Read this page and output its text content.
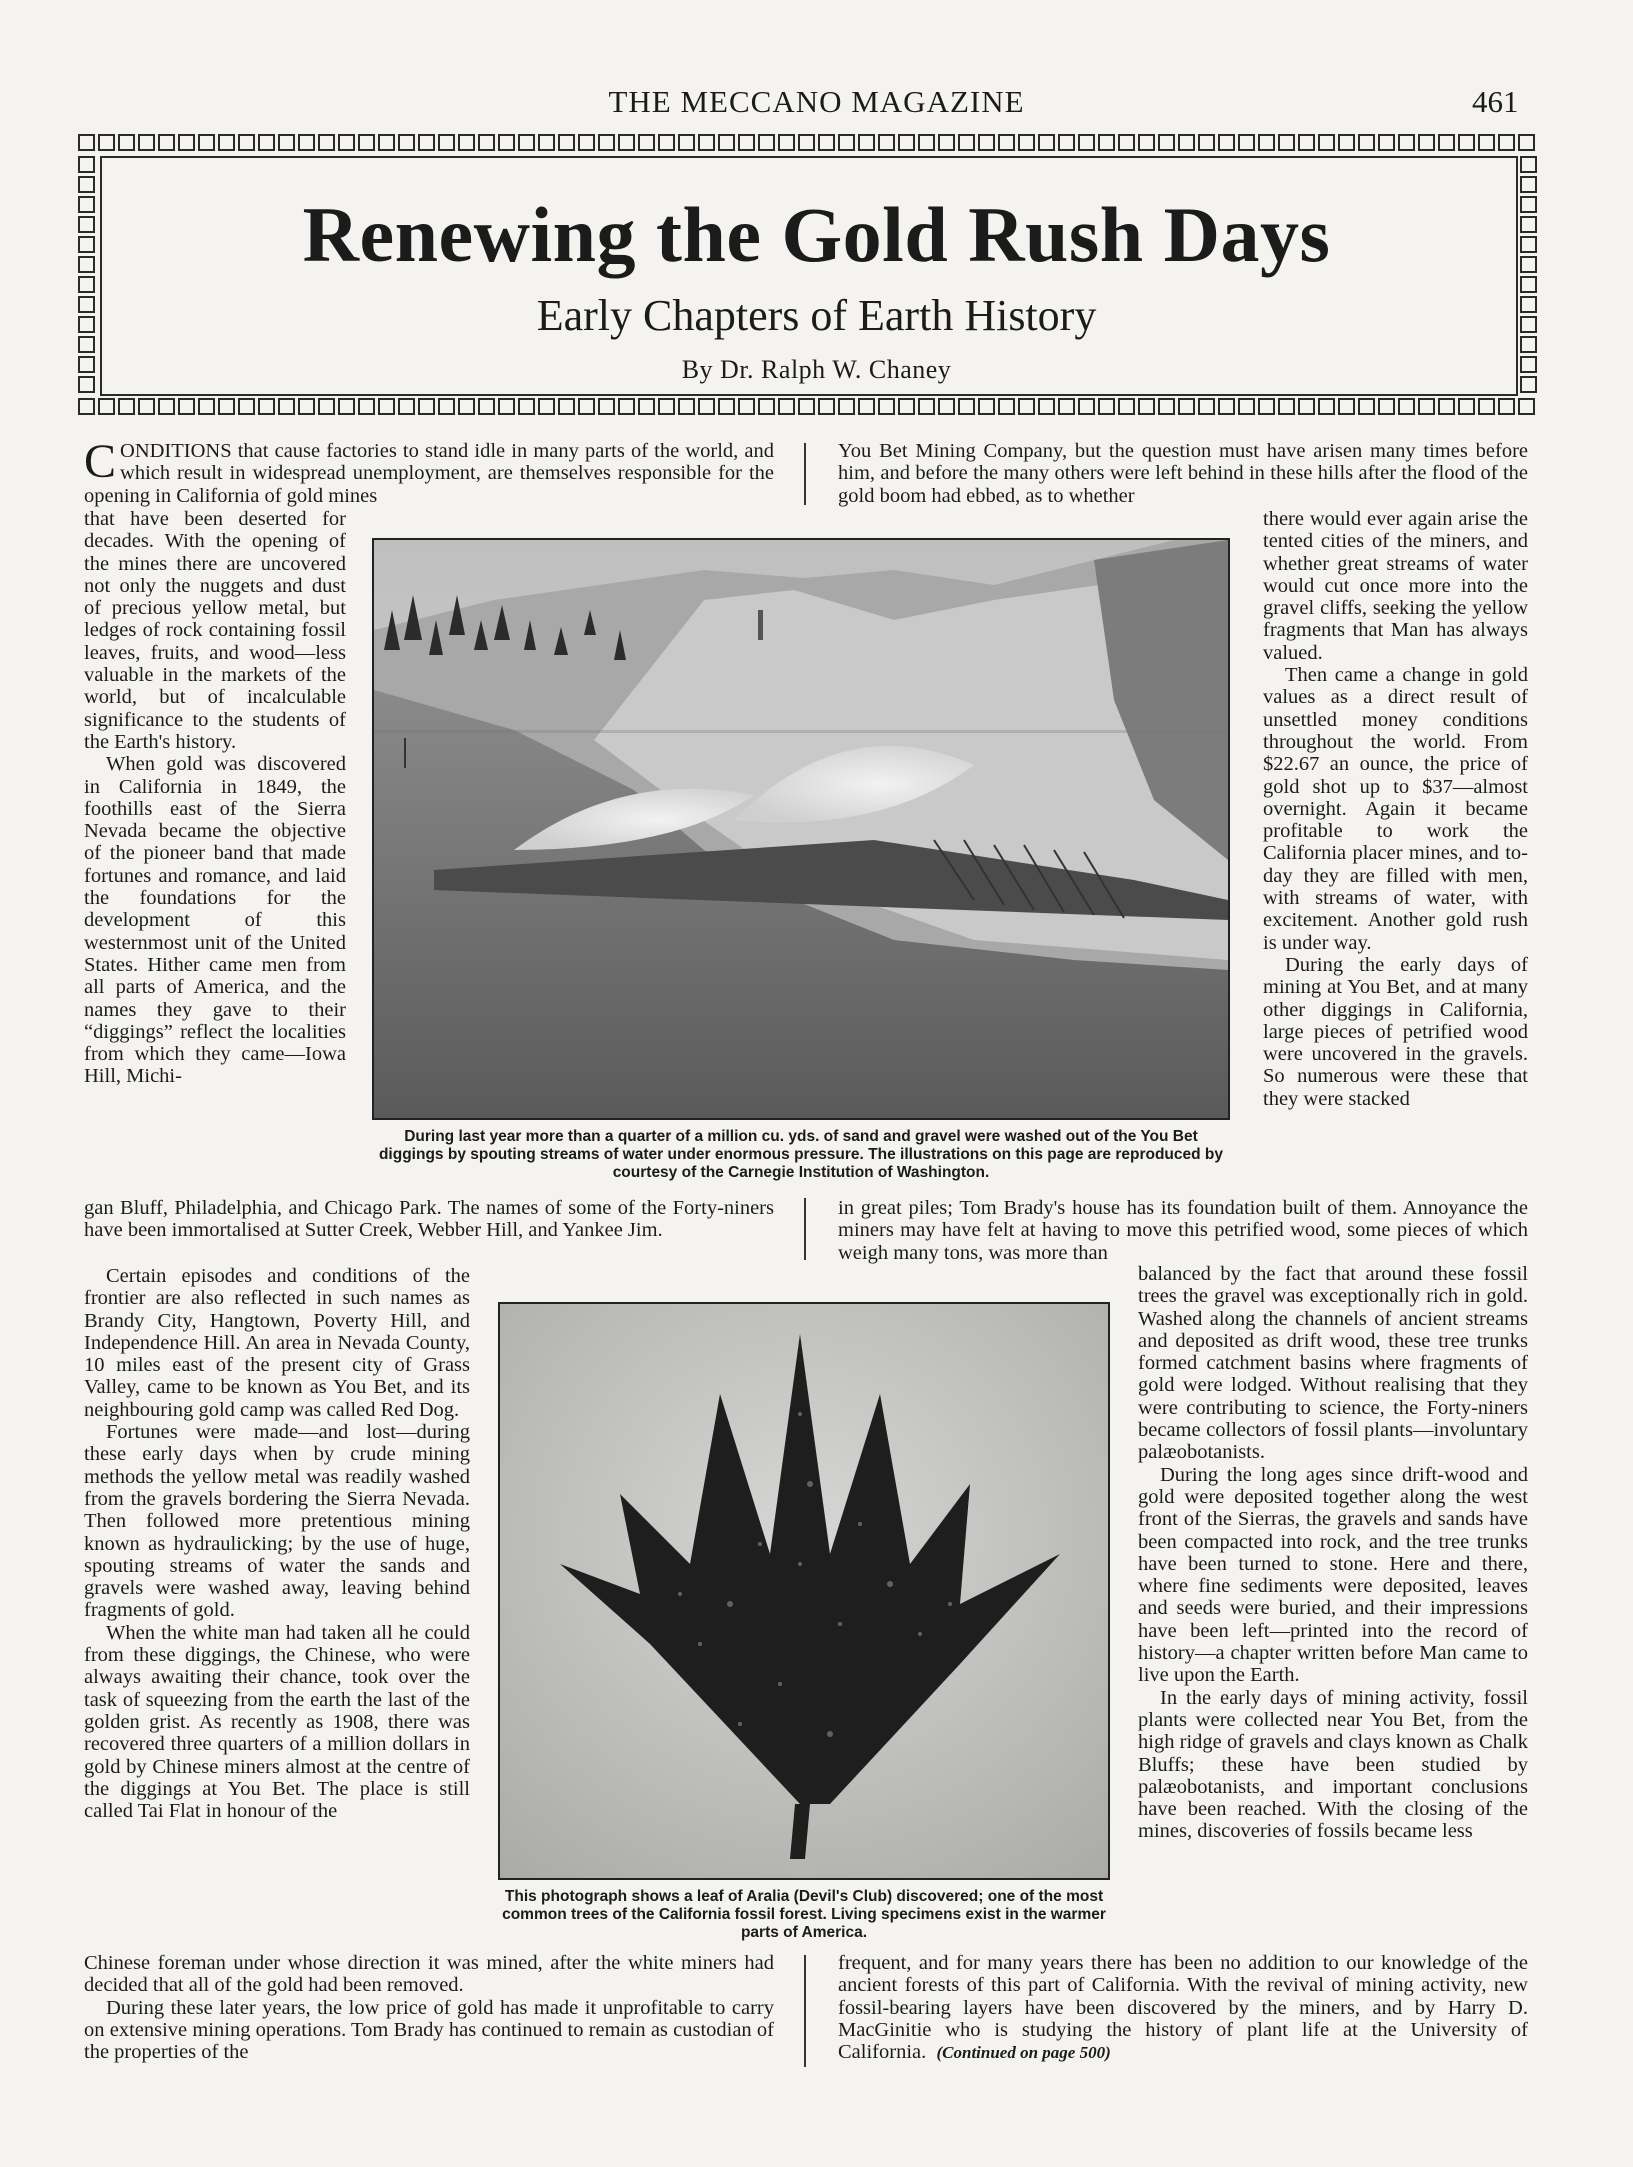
THE MECCANO MAGAZINE	461
Renewing the Gold Rush Days
Early Chapters of Earth History
By Dr. Ralph W. Chaney

CONDITIONS that cause factories to stand idle in many parts of the world, and which result in widespread unemployment, are themselves responsible for the opening in California of gold mines

that have been deserted for decades. With the opening of the mines there are uncovered not only the nuggets and dust of precious yellow metal, but ledges of rock containing fossil leaves, fruits, and wood—less valuable in the markets of the world, but of incalculable significance to the students of the Earth's history.

When gold was discovered in California in 1849, the foothills east of the Sierra Nevada became the objective of the pioneer band that made fortunes and romance, and laid the foundations for the development of this westernmost unit of the United States. Hither came men from all parts of America, and the names they gave to their “diggings” reflect the localities from which they came—Iowa Hill, Michi-

gan Bluff, Philadelphia, and Chicago Park. The names of some of the Forty-niners have been immortalised at Sutter Creek, Webber Hill, and Yankee Jim.

Certain episodes and conditions of the frontier are also reflected in such names as Brandy City, Hangtown, Poverty Hill, and Independence Hill. An area in Nevada County, 10 miles east of the present city of Grass Valley, came to be known as You Bet, and its neighbouring gold camp was called Red Dog.

Fortunes were made—and lost—during these early days when by crude mining methods the yellow metal was readily washed from the gravels bordering the Sierra Nevada. Then followed more pretentious mining known as hydraulicking; by the use of huge, spouting streams of water the sands and gravels were washed away, leaving behind fragments of gold.

When the white man had taken all he could from these diggings, the Chinese, who were always awaiting their chance, took over the task of squeezing from the earth the last of the golden grist. As recently as 1908, there was recovered three quarters of a million dollars in gold by Chinese miners almost at the centre of the diggings at You Bet. The place is still called Tai Flat in honour of the

Chinese foreman under whose direction it was mined, after the white miners had decided that all of the gold had been removed.

During these later years, the low price of gold has made it unprofitable to carry on extensive mining operations. Tom Brady has continued to remain as custodian of the properties of the

You Bet Mining Company, but the question must have arisen many times before him, and before the many others were left behind in these hills after the flood of the gold boom had ebbed, as to whether

there would ever again arise the tented cities of the miners, and whether great streams of water would cut once more into the gravel cliffs, seeking the yellow fragments that Man has always valued.

Then came a change in gold values as a direct result of unsettled money conditions throughout the world. From $22.67 an ounce, the price of gold shot up to $37—almost overnight. Again it became profitable to work the California placer mines, and to-day they are filled with men, with streams of water, with excitement. Another gold rush is under way.

During the early days of mining at You Bet, and at many other diggings in California, large pieces of petrified wood were uncovered in the gravels. So numerous were these that they were stacked

in great piles; Tom Brady's house has its foundation built of them. Annoyance the miners may have felt at having to move this petrified wood, some pieces of which weigh many tons, was more than

balanced by the fact that around these fossil trees the gravel was exceptionally rich in gold. Washed along the channels of ancient streams and deposited as drift wood, these tree trunks formed catchment basins where fragments of gold were lodged. Without realising that they were contributing to science, the Forty-niners became collectors of fossil plants—involuntary palæobotanists.

During the long ages since drift-wood and gold were deposited together along the west front of the Sierras, the gravels and sands have been compacted into rock, and the tree trunks have been turned to stone. Here and there, where fine sediments were deposited, leaves and seeds were buried, and their impressions have been left—printed into the record of history—a chapter written before Man came to live upon the Earth.

In the early days of mining activity, fossil plants were collected near You Bet, from the high ridge of gravels and clays known as Chalk Bluffs; these have been studied by palæobotanists, and important conclusions have been reached. With the closing of the mines, discoveries of fossils became less

frequent, and for many years there has been no addition to our knowledge of the ancient forests of this part of California. With the revival of mining activity, new fossil-bearing layers have been discovered by the miners, and by Harry D. MacGinitie who is studying the history of plant life at the University of California. (Continued on page 500)

During last year more than a quarter of a million cu. yds. of sand and gravel were washed out of the You Bet diggings by spouting streams of water under enormous pressure. The illustrations on this page are reproduced by courtesy of the Carnegie Institution of Washington.
This photograph shows a leaf of Aralia (Devil's Club) discovered; one of the most common trees of the California fossil forest. Living specimens exist in the warmer parts of America.
